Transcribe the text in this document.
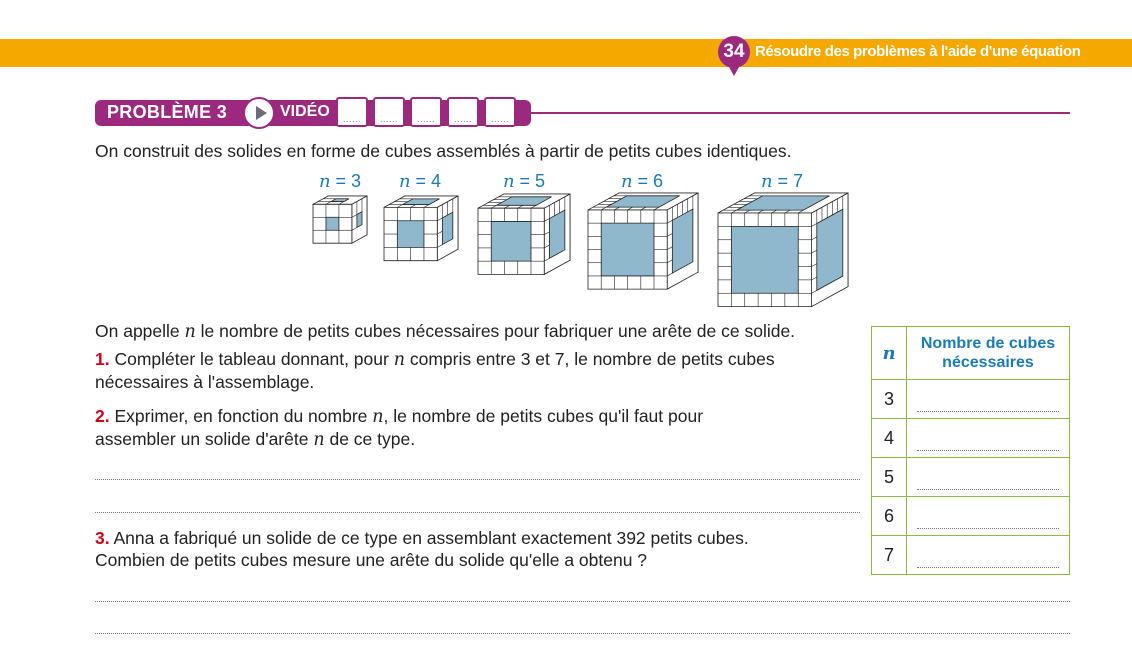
34 Résoudre des problèmes à l'aide d'une équation
PROBLÈME 3	VIDÉO	......	......	......	......	......
On construit des solides en forme de cubes assemblés à partir de petits cubes identiques.
n = 3	n = 4	n = 5	n = 6	n = 7
On appelle n le nombre de petits cubes nécessaires pour fabriquer une arête de ce solide.
1. Compléter le tableau donnant, pour n compris entre 3 et 7, le nombre de petits cubes
nécessaires à l'assemblage.
2. Exprimer, en fonction du nombre n, le nombre de petits cubes qu'il faut pour
assembler un solide d'arête n de ce type.
3. Anna a fabriqué un solide de ce type en assemblant exactement 392 petits cubes.
Combien de petits cubes mesure une arête du solide qu'elle a obtenu ?
n	Nombre de cubes
nécessaires
3	

4	

5	

6	

7	
